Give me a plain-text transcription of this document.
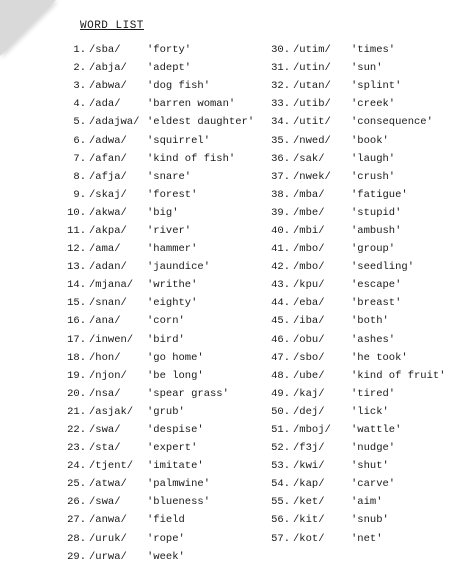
WORD LIST
1. /sba/	'forty'
2. /abja/	'adept'
3. /abwa/	'dog fish'
4. /ada/	'barren woman'
5. /adajwa/ 'eldest daughter'
6. /adwa/	'squirrel'
7. /afan/	'kind of fish'
8. /afja/	'snare'
9. /skaj/	'forest'
10. /akwa/	'big'
11. /akpa/	'river'
12. /ama/	'hammer'
13. /adan/	'jaundice'
14. /mjana/	'writhe'
15. /snan/	'eighty'
16. /ana/	'corn'
17. /inwen/	'bird'
18. /hon/	'go home'
19. /njon/	'be long'
20. /nsa/	'spear grass'
21. /asjak/	'grub'
22. /swa/	'despise'
23. /sta/	'expert'
24. /tjent/	'imitate'
25. /atwa/	'palmwine'
26. /swa/	'blueness'
27. /anwa/	'field
28. /uruk/	'rope'
29. /urwa/	'week'
30. /utim/	'times'
31. /utin/	'sun'
32. /utan/	'splint'
33. /utib/	'creek'
34. /utit/	'consequence'
35. /nwed/	'book'
36. /sak/	'laugh'
37. /nwek/	'crush'
38. /mba/	'fatigue'
39. /mbe/	'stupid'
40. /mbi/	'ambush'
41. /mbo/	'group'
42. /mbo/	'seedling'
43. /kpu/	'escape'
44. /eba/	'breast'
45. /iba/	'both'
46. /obu/	'ashes'
47. /sbo/	'he took'
48. /ube/	'kind of fruit'
49. /kaj/	'tired'
50. /dej/	'lick'
51. /mboj/	'wattle'
52. /f3j/	'nudge'
53. /kwi/	'shut'
54. /kap/	'carve'
55. /ket/	'aim'
56. /kit/	'snub'
57. /kot/	'net'
